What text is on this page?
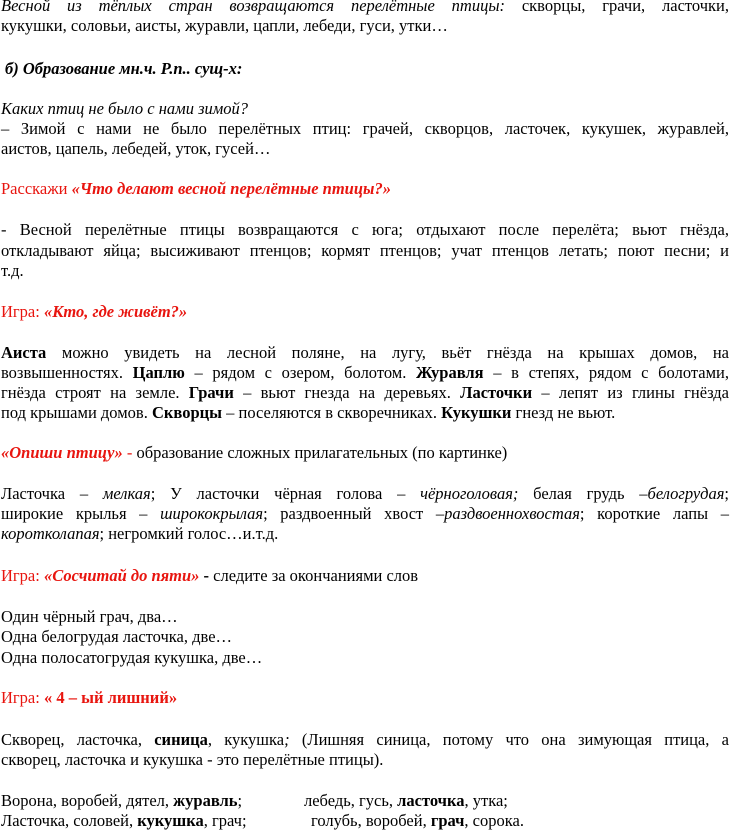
Весной из тёплых стран возвращаются перелётные птицы: скворцы, грачи, ласточки,
кукушки, соловьи, аисты, журавли, цапли, лебеди, гуси, утки…
б) Образование мн.ч. Р.п.. сущ-х:
Каких птиц не было с нами зимой?
– Зимой с нами не было перелётных птиц: грачей, скворцов, ласточек, кукушек, журавлей,
аистов, цапель, лебедей, уток, гусей…
Расскажи «Что делают весной перелётные птицы?»
- Весной перелётные птицы возвращаются с юга; отдыхают после перелёта; вьют гнёзда,
откладывают яйца; высиживают птенцов; кормят птенцов; учат птенцов летать; поют песни; и
т.д.
Игра: «Кто, где живёт?»
Аиста можно увидеть на лесной поляне, на лугу, вьёт гнёзда на крышах домов, на
возвышенностях. Цаплю – рядом с озером, болотом. Журавля – в степях, рядом с болотами,
гнёзда строят на земле. Грачи – вьют гнезда на деревьях. Ласточки – лепят из глины гнёзда
под крышами домов. Скворцы – поселяются в скворечниках. Кукушки гнезд не вьют.
«Опиши птицу» - образование сложных прилагательных (по картинке)
Ласточка – мелкая; У ласточки чёрная голова – чёрноголовая; белая грудь –белогрудая;
широкие крылья – ширококрылая; раздвоенный хвост –раздвоеннохвостая; короткие лапы –
коротколапая; негромкий голос…и.т.д.
Игра: «Сосчитай до пяти» - следите за окончаниями слов
Один чёрный грач, два…
Одна белогрудая ласточка, две…
Одна полосатогрудая кукушка, две…
Игра: « 4 – ый лишний»
Скворец, ласточка, синица, кукушка; (Лишняя синица, потому что она зимующая птица, а
скворец, ласточка и кукушка - это перелётные птицы).
Ворона, воробей, дятел, журавль;	лебедь, гусь, ласточка, утка;
Ласточка, соловей, кукушка, грач;	голубь, воробей, грач, сорока.
